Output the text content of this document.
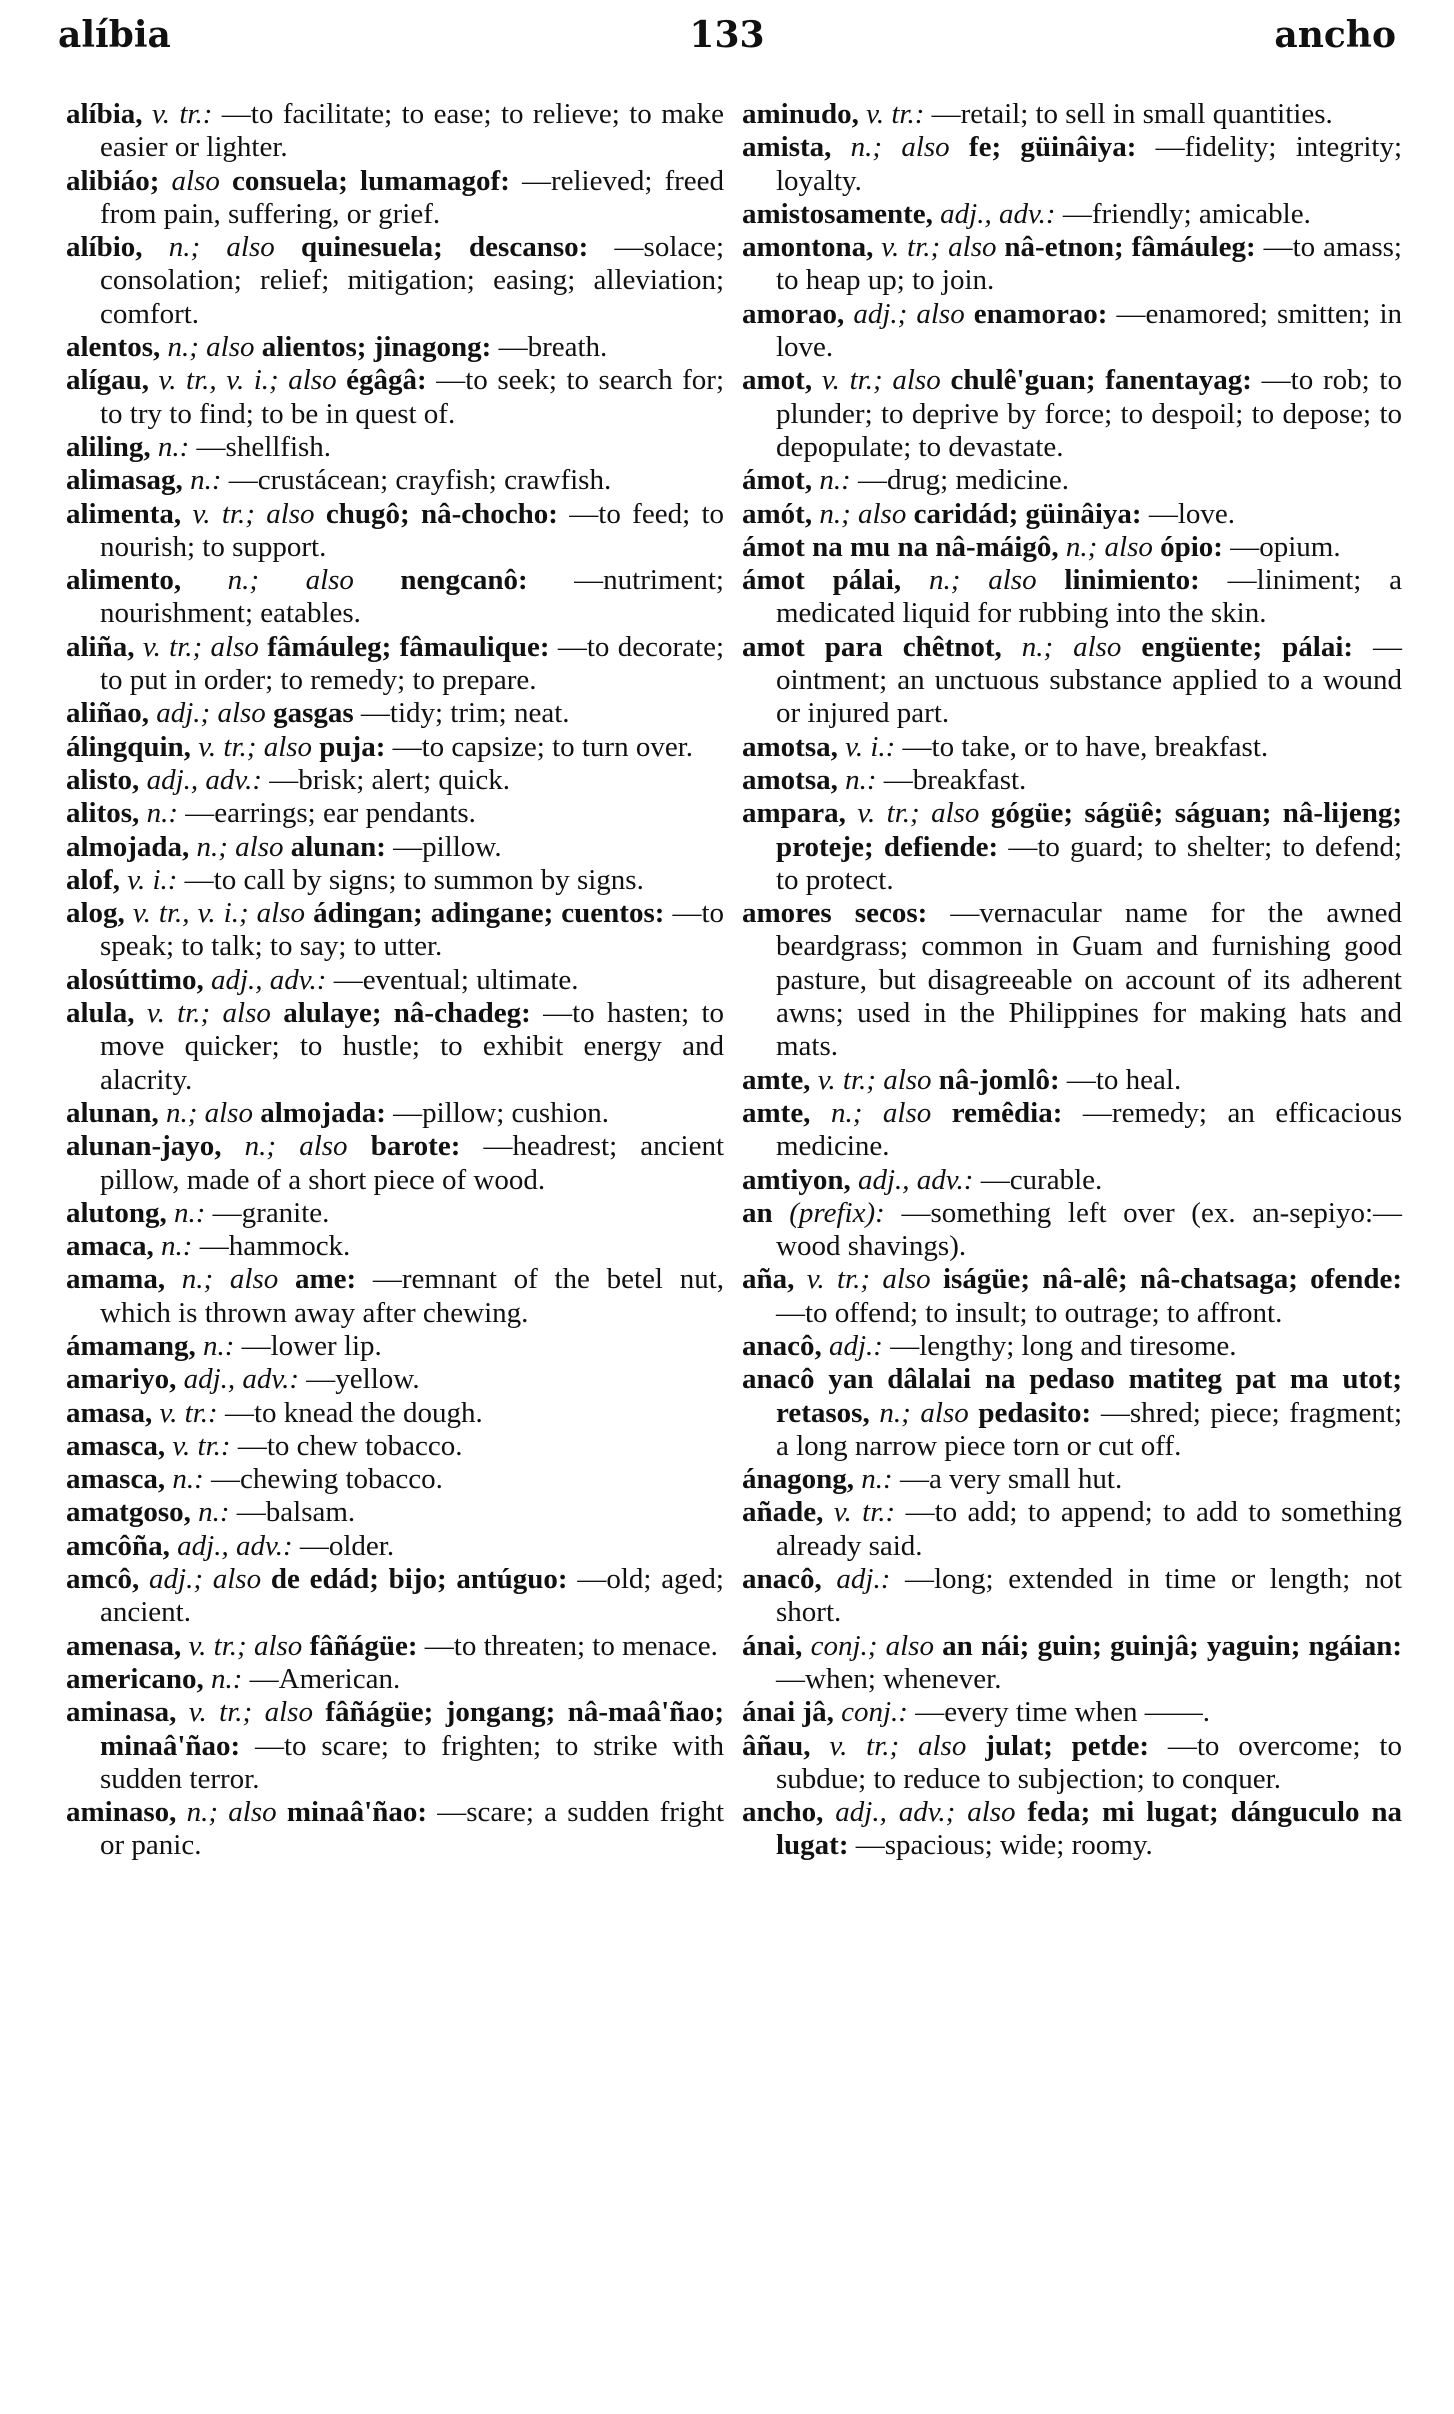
alíbia	133	ancho

alíbia, v. tr.: —to facilitate; to ease; to relieve; to make easier or lighter.

alibiáo; also consuela; lumamagof: —relieved; freed from pain, suffering, or grief.

alíbio, n.; also quinesuela; descanso: —solace; consolation; relief; mitigation; easing; alleviation; comfort.

alentos, n.; also alientos; jinagong: —breath.

alígau, v. tr., v. i.; also égâgâ: —to seek; to search for; to try to find; to be in quest of.

aliling, n.: —shellfish.

alimasag, n.: —crustácean; crayfish; crawfish.

alimenta, v. tr.; also chugô; nâ-chocho: —to feed; to nourish; to support.

alimento, n.; also nengcanô: —nutriment; nourishment; eatables.

aliña, v. tr.; also fâmáuleg; fâmaulique: —to decorate; to put in order; to remedy; to prepare.

aliñao, adj.; also gasgas —tidy; trim; neat.

álingquin, v. tr.; also puja: —to capsize; to turn over.

alisto, adj., adv.: —brisk; alert; quick.

alitos, n.: —earrings; ear pendants.

almojada, n.; also alunan: —pillow.

alof, v. i.: —to call by signs; to summon by signs.

alog, v. tr., v. i.; also ádingan; adingane; cuentos: —to speak; to talk; to say; to utter.

alosúttimo, adj., adv.: —eventual; ultimate.

alula, v. tr.; also alulaye; nâ-chadeg: —to hasten; to move quicker; to hustle; to exhibit energy and alacrity.

alunan, n.; also almojada: —pillow; cushion.

alunan-jayo, n.; also barote: —headrest; ancient pillow, made of a short piece of wood.

alutong, n.: —granite.

amaca, n.: —hammock.

amama, n.; also ame: —remnant of the betel nut, which is thrown away after chewing.

ámamang, n.: —lower lip.

amariyo, adj., adv.: —yellow.

amasa, v. tr.: —to knead the dough.

amasca, v. tr.: —to chew tobacco.

amasca, n.: —chewing tobacco.

amatgoso, n.: —balsam.

amcôña, adj., adv.: —older.

amcô, adj.; also de edád; bijo; antúguo: —old; aged; ancient.

amenasa, v. tr.; also fâñágüe: —to threaten; to menace.

americano, n.: —American.

aminasa, v. tr.; also fâñágüe; jongang; nâ-maâ'ñao; minaâ'ñao: —to scare; to frighten; to strike with sudden terror.

aminaso, n.; also minaâ'ñao: —scare; a sudden fright or panic.

aminudo, v. tr.: —retail; to sell in small quantities.

amista, n.; also fe; güinâiya: —fidelity; integrity; loyalty.

amistosamente, adj., adv.: —friendly; amicable.

amontona, v. tr.; also nâ-etnon; fâmáuleg: —to amass; to heap up; to join.

amorao, adj.; also enamorao: —enamored; smitten; in love.

amot, v. tr.; also chulê'guan; fanentayag: —to rob; to plunder; to deprive by force; to despoil; to depose; to depopulate; to devastate.

ámot, n.: —drug; medicine.

amót, n.; also caridád; güinâiya: —love.

ámot na mu na nâ-máigô, n.; also ópio: —opium.

ámot pálai, n.; also linimiento: —liniment; a medicated liquid for rubbing into the skin.

amot para chêtnot, n.; also engüente; pálai: —ointment; an unctuous substance applied to a wound or injured part.

amotsa, v. i.: —to take, or to have, breakfast.

amotsa, n.: —breakfast.

ampara, v. tr.; also gógüe; ságüê; ságuan; nâ-lijeng; proteje; defiende: —to guard; to shelter; to defend; to protect.

amores secos: —vernacular name for the awned beardgrass; common in Guam and furnishing good pasture, but disagreeable on account of its adherent awns; used in the Philippines for making hats and mats.

amte, v. tr.; also nâ-jomlô: —to heal.

amte, n.; also remêdia: —remedy; an efficacious medicine.

amtiyon, adj., adv.: —curable.

an (prefix): —something left over (ex. an-sepiyo:—wood shavings).

aña, v. tr.; also iságüe; nâ-alê; nâ-chatsaga; ofende: —to offend; to insult; to outrage; to affront.

anacô, adj.: —lengthy; long and tiresome.

anacô yan dâlalai na pedaso matiteg pat ma utot; retasos, n.; also pedasito: —shred; piece; fragment; a long narrow piece torn or cut off.

ánagong, n.: —a very small hut.

añade, v. tr.: —to add; to append; to add to something already said.

anacô, adj.: —long; extended in time or length; not short.

ánai, conj.; also an nái; guin; guinjâ; yaguin; ngáian: —when; whenever.

ánai jâ, conj.: —every time when ——.

âñau, v. tr.; also julat; petde: —to overcome; to subdue; to reduce to subjection; to conquer.

ancho, adj., adv.; also feda; mi lugat; dánguculo na lugat: —spacious; wide; roomy.
